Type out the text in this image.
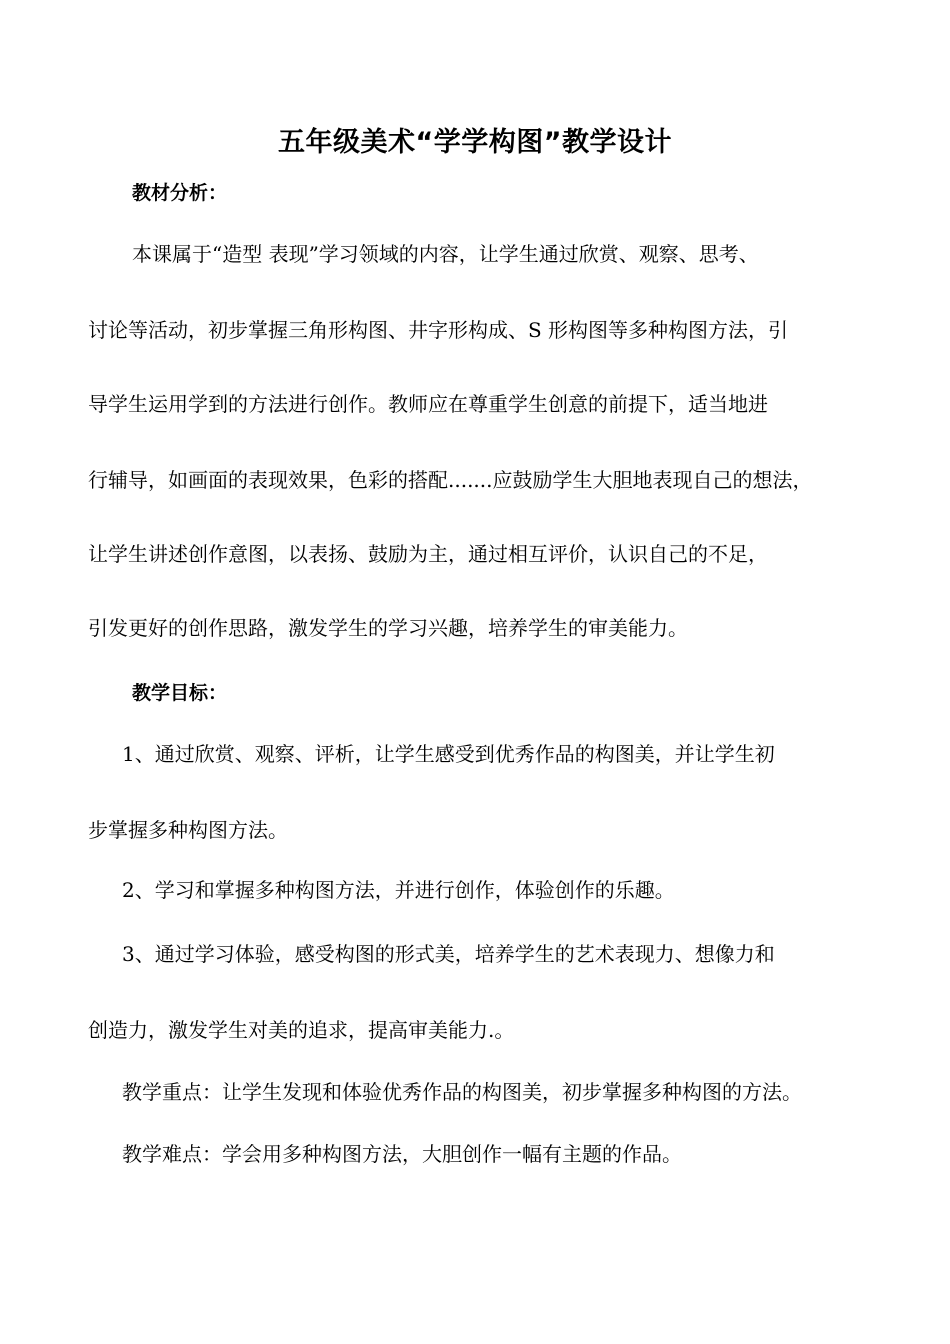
五年级美术“学学构图”教学设计
教材分析：

本课属于“造型 表现”学习领域的内容，让学生通过欣赏、观察、思考、

讨论等活动，初步掌握三角形构图、井字形构成、S 形构图等多种构图方法，引

导学生运用学到的方法进行创作。教师应在尊重学生创意的前提下，适当地进

行辅导，如画面的表现效果，色彩的搭配.......应鼓励学生大胆地表现自己的想法，

让学生讲述创作意图，以表扬、鼓励为主，通过相互评价，认识自己的不足，

引发更好的创作思路，激发学生的学习兴趣，培养学生的审美能力。

教学目标：

1、通过欣赏、观察、评析，让学生感受到优秀作品的构图美，并让学生初

步掌握多种构图方法。

2、学习和掌握多种构图方法，并进行创作，体验创作的乐趣。

3、通过学习体验，感受构图的形式美，培养学生的艺术表现力、想像力和

创造力，激发学生对美的追求，提高审美能力.。

教学重点：让学生发现和体验优秀作品的构图美，初步掌握多种构图的方法。

教学难点：学会用多种构图方法，大胆创作一幅有主题的作品。
